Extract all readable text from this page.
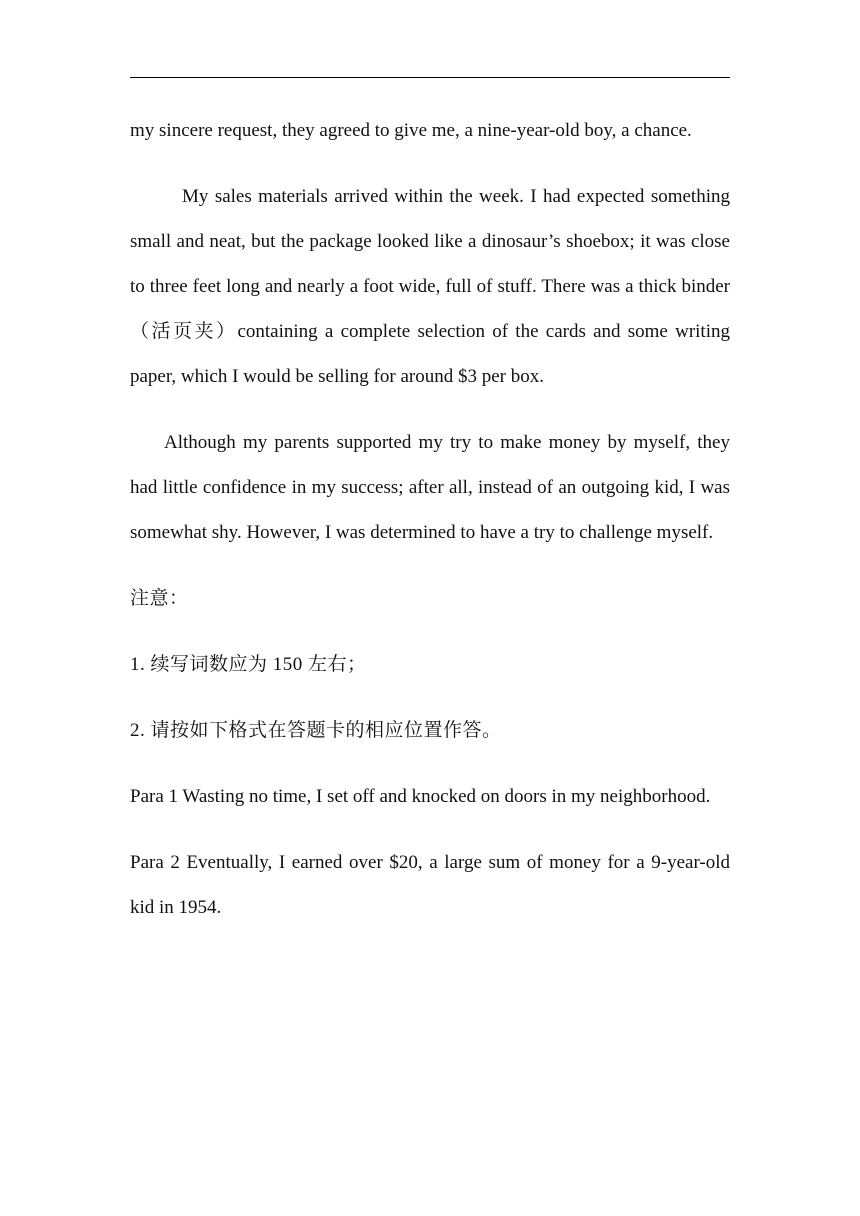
my sincere request, they agreed to give me, a nine-year-old boy, a chance.

My sales materials arrived within the week. I had expected something small and neat, but the package looked like a dinosaur’s shoebox; it was close to three feet long and nearly a foot wide, full of stuff. There was a thick binder（活页夹）containing a complete selection of the cards and some writing paper, which I would be selling for around $3 per box.

Although my parents supported my try to make money by myself, they had little confidence in my success; after all, instead of an outgoing kid, I was somewhat shy. However, I was determined to have a try to challenge myself.

注意：

1. 续写词数应为 150 左右；

2. 请按如下格式在答题卡的相应位置作答。

Para 1 Wasting no time, I set off and knocked on doors in my neighborhood.

Para 2 Eventually, I earned over $20, a large sum of money for a 9-year-old kid in 1954.
